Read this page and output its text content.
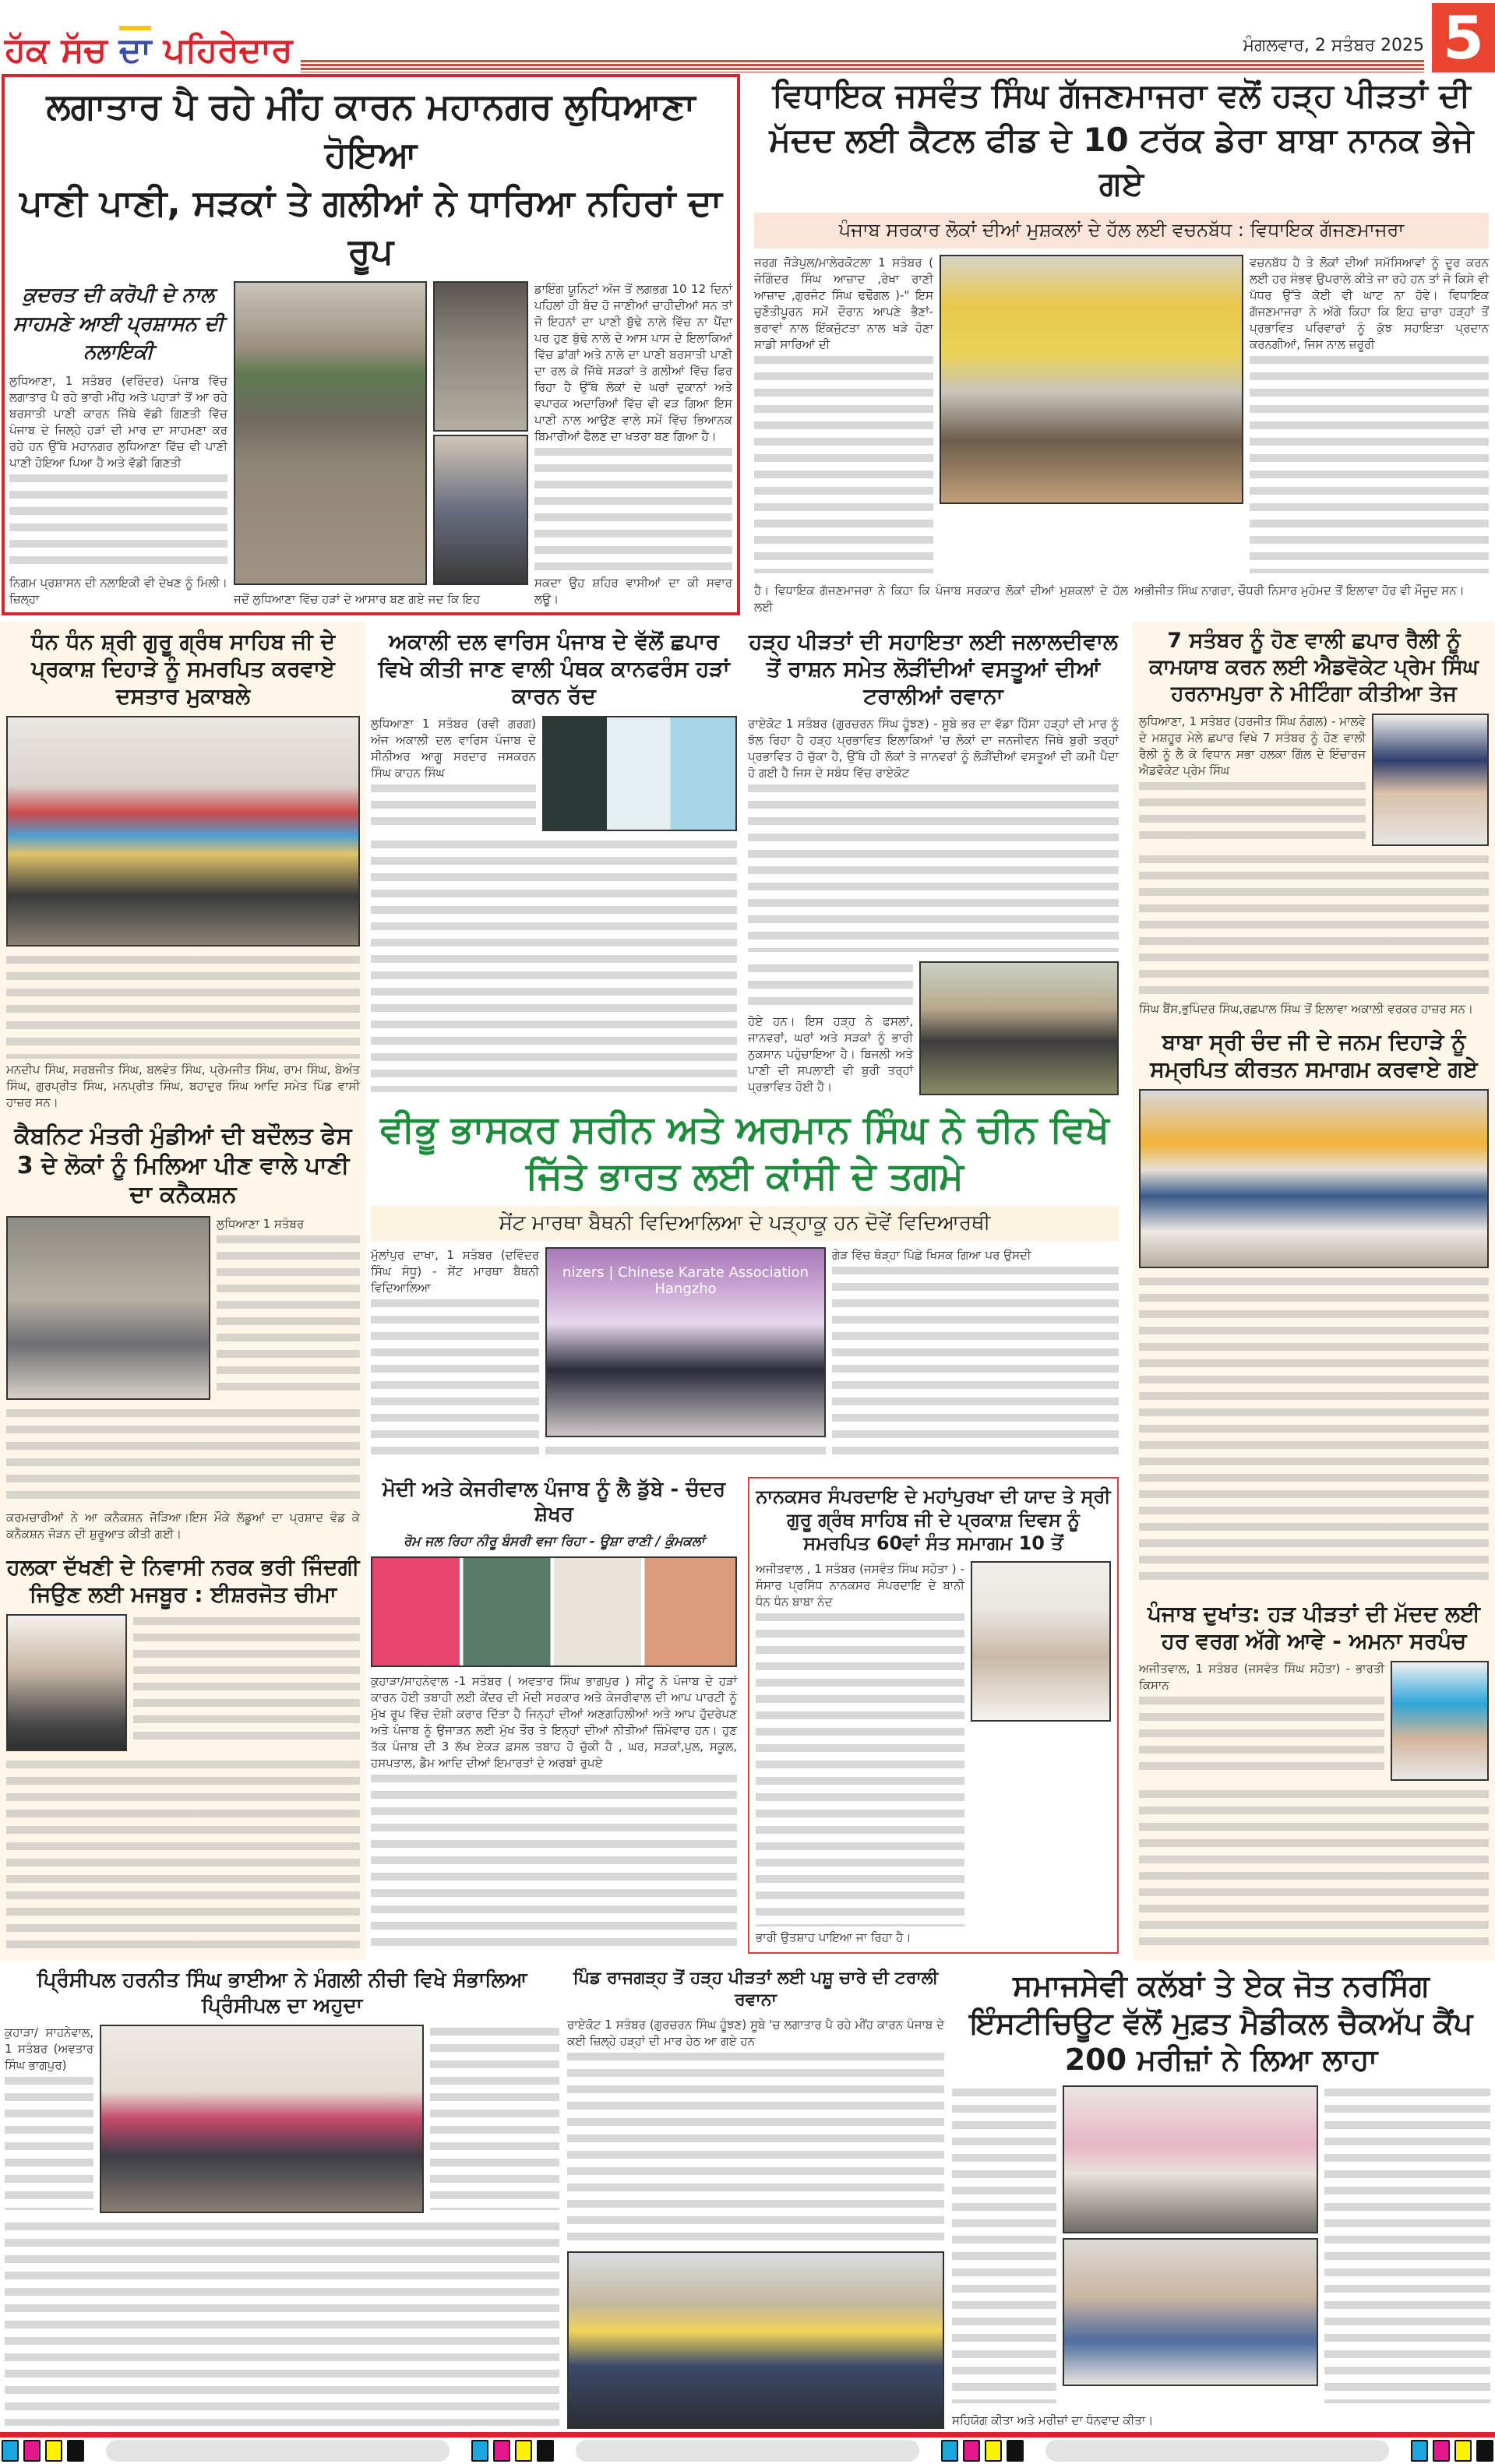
ਹੱਕ ਸੱਚ ਦਾ ਪਹਿਰੇਦਾਰ	ਮੰਗਲਵਾਰ, 2 ਸਤੰਬਰ 2025 5
ਲਗਾਤਾਰ ਪੈ ਰਹੇ ਮੀਂਹ ਕਾਰਨ ਮਹਾਨਗਰ ਲੁਧਿਆਣਾ ਹੋਇਆ
ਪਾਣੀ ਪਾਣੀ, ਸੜਕਾਂ ਤੇ ਗਲੀਆਂ ਨੇ ਧਾਰਿਆ ਨਹਿਰਾਂ ਦਾ ਰੂਪ
ਕੁਦਰਤ ਦੀ ਕਰੋਪੀ ਦੇ ਨਾਲ ਸਾਹਮਣੇ ਆਈ ਪ੍ਰਸ਼ਾਸਨ ਦੀ ਨਲਾਇਕੀ

ਲੁਧਿਆਣਾ, 1 ਸਤੰਬਰ (ਵਰਿੰਦਰ) ਪੰਜਾਬ ਵਿੱਚ ਲਗਾਤਾਰ ਪੈ ਰਹੇ ਭਾਰੀ ਮੀਂਹ ਅਤੇ ਪਹਾੜਾਂ ਤੋਂ ਆ ਰਹੇ ਬਰਸਾਤੀ ਪਾਣੀ ਕਾਰਨ ਜਿੱਥੇ ਵੱਡੀ ਗਿਣਤੀ ਵਿੱਚ ਪੰਜਾਬ ਦੇ ਜਿਲ੍ਹੇ ਹੜਾਂ ਦੀ ਮਾਰ ਦਾ ਸਾਹਮਣਾ ਕਰ ਰਹੇ ਹਨ ਉੱਥੇ ਮਹਾਨਗਰ ਲੁਧਿਆਣਾ ਵਿੱਚ ਵੀ ਪਾਣੀ ਪਾਣੀ ਹੋਇਆ ਪਿਆ ਹੈ ਅਤੇ ਵੱਡੀ ਗਿਣਤੀ

ਨਿਗਮ ਪ੍ਰਸ਼ਾਸਨ ਦੀ ਨਲਾਇਕੀ ਵੀ ਦੇਖਣ ਨੂੰ ਮਿਲੀ। ਜ਼ਿਲ੍ਹਾ	ਜਦੋਂ ਲੁਧਿਆਣਾ ਵਿੱਚ ਹੜਾਂ ਦੇ ਆਸਾਰ ਬਣ ਗਏ ਜਦ ਕਿ ਇਹ

ਡਾਇੰਗ ਯੂਨਿਟਾਂ ਅੱਜ ਤੋਂ ਲਗਭਗ 10 12 ਦਿਨਾਂ ਪਹਿਲਾਂ ਹੀ ਬੰਦ ਹੋ ਜਾਣੀਆਂ ਚਾਹੀਦੀਆਂ ਸਨ ਤਾਂ ਜੋ ਇਹਨਾਂ ਦਾ ਪਾਣੀ ਬੁੱਢੇ ਨਾਲੇ ਵਿੱਚ ਨਾ ਪੈਂਦਾ ਪਰ ਹੁਣ ਬੁੱਢੇ ਨਾਲੇ ਦੇ ਆਸ ਪਾਸ ਦੇ ਇਲਾਕਿਆਂ ਵਿੱਚ ਡਾਂਗਾਂ ਅਤੇ ਨਾਲੇ ਦਾ ਪਾਣੀ ਬਰਸਾਤੀ ਪਾਣੀ ਦਾ ਰਲ ਕੇ ਜਿੱਥੇ ਸੜਕਾਂ ਤੇ ਗਲੀਆਂ ਵਿੱਚ ਫਿਰ ਰਿਹਾ ਹੈ ਉੱਥੇ ਲੋਕਾਂ ਦੇ ਘਰਾਂ ਦੁਕਾਨਾਂ ਅਤੇ ਵਪਾਰਕ ਅਦਾਰਿਆਂ ਵਿੱਚ ਵੀ ਵੜ ਗਿਆ ਇਸ ਪਾਣੀ ਨਾਲ ਆਉਣ ਵਾਲੇ ਸਮੇਂ ਵਿੱਚ ਭਿਆਨਕ ਬਿਮਾਰੀਆਂ ਫੈਲਣ ਦਾ ਖਤਰਾ ਬਣ ਗਿਆ ਹੈ।

ਸਕਦਾ ਉਹ ਸ਼ਹਿਰ ਵਾਸੀਆਂ ਦਾ ਕੀ ਸਵਾਰ ਲਊ।

ਵਿਧਾਇਕ ਜਸਵੰਤ ਸਿੰਘ ਗੱਜਣਮਾਜਰਾ ਵਲੋਂ ਹੜ੍ਹ ਪੀੜਤਾਂ ਦੀ
ਮੱਦਦ ਲਈ ਕੈਟਲ ਫੀਡ ਦੇ 10 ਟਰੱਕ ਡੇਰਾ ਬਾਬਾ ਨਾਨਕ ਭੇਜੇ ਗਏ
ਪੰਜਾਬ ਸਰਕਾਰ ਲੋਕਾਂ ਦੀਆਂ ਮੁਸ਼ਕਲਾਂ ਦੇ ਹੱਲ ਲਈ ਵਚਨਬੱਧ : ਵਿਧਾਇਕ ਗੱਜਣਮਾਜਰਾ

ਜਰਗ ਜੋੜੇਪੁਲ/ਮਾਲੇਰਕੋਟਲਾ 1 ਸਤੰਬਰ ( ਜੋਗਿੰਦਰ ਸਿੰਘ ਆਜ਼ਾਦ ,ਰੇਖਾ ਰਾਣੀ ਆਜ਼ਾਦ ,ਗੁਰਜੰਟ ਸਿੰਘ ਢਢੌਗਲ )-" ਇਸ ਚੁਣੌਤੀਪੂਰਨ ਸਮੇਂ ਦੌਰਾਨ ਆਪਣੇ ਭੈਣਾਂ-ਭਰਾਵਾਂ ਨਾਲ ਇੱਕਜੁੱਟਤਾ ਨਾਲ ਖੜੇ ਹੋਣਾ ਸਾਡੀ ਸਾਰਿਆਂ ਦੀ

ਵਚਨਬੱਧ ਹੈ ਤੇ ਲੋਕਾਂ ਦੀਆਂ ਸਮੱਸਿਆਵਾਂ ਨੂੰ ਦੂਰ ਕਰਨ ਲਈ ਹਰ ਸੰਭਵ ਉਪਰਾਲੇ ਕੀਤੇ ਜਾ ਰਹੇ ਹਨ ਤਾਂ ਜੋ ਕਿਸੇ ਵੀ ਪੱਧਰ ਉੱਤੇ ਕੋਈ ਵੀ ਘਾਟ ਨਾ ਹੋਵੇ। ਵਿਧਾਇਕ ਗੱਜਣਮਾਜਰਾ ਨੇ ਅੱਗੇ ਕਿਹਾ ਕਿ ਇਹ ਚਾਰਾ ਹੜ੍ਹਾਂ ਤੋਂ ਪ੍ਰਭਾਵਿਤ ਪਰਿਵਾਰਾਂ ਨੂੰ ਕੁੱਝ ਸਹਾਇਤਾ ਪ੍ਰਦਾਨ ਕਰਨਗੀਆਂ, ਜਿਸ ਨਾਲ ਜ਼ਰੂਰੀ

ਹੈ। ਵਿਧਾਇਕ ਗੱਜਣਮਾਜਰਾ ਨੇ ਕਿਹਾ ਕਿ ਪੰਜਾਬ ਸਰਕਾਰ ਲੋਕਾਂ ਦੀਆਂ ਮੁਸ਼ਕਲਾਂ ਦੇ ਹੱਲ ਲਈ

ਅਭੀਜੀਤ ਸਿੰਘ ਨਾਗਰਾ, ਚੌਧਰੀ ਨਿਸਾਰ ਮੁਹੰਮਦ ਤੋਂ ਇਲਾਵਾ ਹੋਰ ਵੀ ਮੌਜੂਦ ਸਨ।

ਧੰਨ ਧੰਨ ਸ਼੍ਰੀ ਗੁਰੂ ਗ੍ਰੰਥ ਸਾਹਿਬ ਜੀ ਦੇ ਪ੍ਰਕਾਸ਼ ਦਿਹਾੜੇ ਨੂੰ ਸਮਰਪਿਤ ਕਰਵਾਏ ਦਸਤਾਰ ਮੁਕਾਬਲੇ

ਮਨਦੀਪ ਸਿੰਘ, ਸਰਬਜੀਤ ਸਿੰਘ, ਬਲਵੰਤ ਸਿੰਘ, ਪ੍ਰੇਮਜੀਤ ਸਿੰਘ, ਰਾਮ ਸਿੰਘ, ਬੇਅੰਤ ਸਿੰਘ, ਗੁਰਪ੍ਰੀਤ ਸਿੰਘ, ਮਨਪ੍ਰੀਤ ਸਿੰਘ, ਬਹਾਦੁਰ ਸਿੰਘ ਆਦਿ ਸਮੇਤ ਪਿੰਡ ਵਾਸੀ ਹਾਜ਼ਰ ਸਨ।

ਕੈਬਨਿਟ ਮੰਤਰੀ ਮੁੰਡੀਆਂ ਦੀ ਬਦੌਲਤ ਫੇਸ 3 ਦੇ ਲੋਕਾਂ ਨੂੰ ਮਿਲਿਆ ਪੀਣ ਵਾਲੇ ਪਾਣੀ ਦਾ ਕਨੈਕਸ਼ਨ

ਲੁਧਿਆਣਾ 1 ਸਤੰਬਰ

ਕਰਮਚਾਰੀਆਂ ਨੇ ਆ ਕਨੈਕਸ਼ਨ ਜੋੜਿਆ।ਇਸ ਮੌਕੇ ਲੱਡੂਆਂ ਦਾ ਪ੍ਰਸ਼ਾਦ ਵੰਡ ਕੇ ਕਨੈਕਸ਼ਨ ਜੋੜਨ ਦੀ ਸ਼ੁਰੂਆਤ ਕੀਤੀ ਗਈ।

ਹਲਕਾ ਦੱਖਣੀ ਦੇ ਨਿਵਾਸੀ ਨਰਕ ਭਰੀ ਜਿੰਦਗੀ ਜਿਉਣ ਲਈ ਮਜਬੂਰ : ਈਸ਼ਰਜੋਤ ਚੀਮਾ
ਅਕਾਲੀ ਦਲ ਵਾਰਿਸ ਪੰਜਾਬ ਦੇ ਵੱਲੋਂ ਛਪਾਰ ਵਿਖੇ ਕੀਤੀ ਜਾਣ ਵਾਲੀ ਪੰਥਕ ਕਾਨਫਰੰਸ ਹੜਾਂ ਕਾਰਨ ਰੱਦ

ਲੁਧਿਆਣਾ 1 ਸਤੰਬਰ (ਰਵੀ ਗਰਗ) ਅੱਜ ਅਕਾਲੀ ਦਲ ਵਾਰਿਸ ਪੰਜਾਬ ਦੇ ਸੀਨੀਅਰ ਆਗੂ ਸਰਦਾਰ ਜਸਕਰਨ ਸਿੰਘ ਕਾਹਨ ਸਿੰਘ

ਹੜ੍ਹ ਪੀੜਤਾਂ ਦੀ ਸਹਾਇਤਾ ਲਈ ਜਲਾਲਦੀਵਾਲ ਤੋਂ ਰਾਸ਼ਨ ਸਮੇਤ ਲੋੜੀਂਦੀਆਂ ਵਸਤੂਆਂ ਦੀਆਂ ਟਰਾਲੀਆਂ ਰਵਾਨਾ

ਰਾਏਕੋਟ 1 ਸਤੰਬਰ (ਗੁਰਚਰਨ ਸਿੰਘ ਹੂੰਝਣ) - ਸੂਬੇ ਭਰ ਦਾ ਵੱਡਾ ਹਿੱਸਾ ਹੜ੍ਹਾਂ ਦੀ ਮਾਰ ਨੂੰ ਝੱਲ ਰਿਹਾ ਹੈ ਹੜ੍ਹ ਪ੍ਰਭਾਵਿਤ ਇਲਾਕਿਆਂ 'ਚ ਲੋਕਾਂ ਦਾ ਜਨਜੀਵਨ ਜਿੱਥੇ ਬੁਰੀ ਤਰ੍ਹਾਂ ਪ੍ਰਭਾਵਿਤ ਹੋ ਚੁੱਕਾ ਹੈ, ਉੱਥੇ ਹੀ ਲੋਕਾਂ ਤੇ ਜਾਨਵਰਾਂ ਨੂੰ ਲੋੜੀਂਦੀਆਂ ਵਸਤੂਆਂ ਦੀ ਕਮੀ ਪੈਦਾ ਹੋ ਗਈ ਹੈ ਜਿਸ ਦੇ ਸਬੰਧ ਵਿੱਚ ਰਾਏਕੋਟ

ਹੋਏ ਹਨ। ਇਸ ਹੜ੍ਹ ਨੇ ਫਸਲਾਂ, ਜਾਨਵਰਾਂ, ਘਰਾਂ ਅਤੇ ਸੜਕਾਂ ਨੂੰ ਭਾਰੀ ਨੁਕਸਾਨ ਪਹੁੰਚਾਇਆ ਹੈ। ਬਿਜਲੀ ਅਤੇ ਪਾਣੀ ਦੀ ਸਪਲਾਈ ਵੀ ਬੁਰੀ ਤਰ੍ਹਾਂ ਪ੍ਰਭਾਵਿਤ ਹੋਈ ਹੈ।

ਵੀਭੂ ਭਾਸਕਰ ਸਰੀਨ ਅਤੇ ਅਰਮਾਨ ਸਿੰਘ ਨੇ ਚੀਨ ਵਿਖੇ ਜਿੱਤੇ ਭਾਰਤ ਲਈ ਕਾਂਸੀ ਦੇ ਤਗਮੇ
ਸੇਂਟ ਮਾਰਥਾ ਬੈਥਨੀ ਵਿਦਿਆਲਿਆ ਦੇ ਪੜ੍ਹਾਕੂ ਹਨ ਦੋਵੇਂ ਵਿਦਿਆਰਥੀ

ਮੁੱਲਾਂਪੁਰ ਦਾਖਾ, 1 ਸਤੰਬਰ (ਦਵਿੰਦਰ ਸਿੰਘ ਸੰਧੂ) - ਸੇਂਟ ਮਾਰਥਾ ਬੈਥਨੀ ਵਿਦਿਆਲਿਆ

nizers | Chinese Karate Association Hangzho

ਗੇੜ ਵਿੱਚ ਥੋੜ੍ਹਾ ਪਿੱਛੇ ਖਿਸਕ ਗਿਆ ਪਰ ਉਸਦੀ

ਮੋਦੀ ਅਤੇ ਕੇਜਰੀਵਾਲ ਪੰਜਾਬ ਨੂੰ ਲੈ ਡੁੱਬੇ - ਚੰਦਰ ਸ਼ੇਖਰ
ਰੋਮ ਜਲ ਰਿਹਾ ਨੀਰੂ ਬੰਸਰੀ ਵਜਾ ਰਿਹਾ - ਊਸ਼ਾ ਰਾਣੀ / ਕੁੰਮਕਲਾਂ

ਕੁਹਾੜਾ/ਸਾਹਨੇਵਾਲ -1 ਸਤੰਬਰ ( ਅਵਤਾਰ ਸਿੰਘ ਭਾਗਪੁਰ ) ਸੀਟੂ ਨੇ ਪੰਜਾਬ ਦੇ ਹੜਾਂ ਕਾਰਨ ਹੋਈ ਤਬਾਹੀ ਲਈ ਕੇਂਦਰ ਦੀ ਮੋਦੀ ਸਰਕਾਰ ਅਤੇ ਕੇਜਰੀਵਾਲ ਦੀ ਆਪ ਪਾਰਟੀ ਨੂੰ ਮੁੱਖ ਰੂਪ ਵਿੱਚ ਦੋਸ਼ੀ ਕਰਾਰ ਦਿੱਤਾ ਹੈ ਜਿਨ੍ਹਾਂ ਦੀਆਂ ਅਣਗਹਿਲੀਆਂ ਅਤੇ ਆਪ ਹੁੱਦਰੇਪਣ ਅਤੇ ਪੰਜਾਬ ਨੂੰ ਉਜਾੜਨ ਲਈ ਮੁੱਖ ਤੌਰ ਤੇ ਇਨ੍ਹਾਂ ਦੀਆਂ ਨੀਤੀਆਂ ਜ਼ਿੰਮੇਵਾਰ ਹਨ। ਹੁਣ ਤੱਕ ਪੰਜਾਬ ਦੀ 3 ਲੱਖ ਏਕੜ ਫ਼ਸਲ ਤਬਾਹ ਹੋ ਚੁੱਕੀ ਹੈ , ਘਰ, ਸੜਕਾਂ,ਪੁਲ, ਸਕੂਲ, ਹਸਪਤਾਲ, ਡੈਮ ਆਦਿ ਦੀਆਂ ਇਮਾਰਤਾਂ ਦੇ ਅਰਬਾਂ ਰੁਪਏ

ਨਾਨਕਸਰ ਸੰਪਰਦਾਇ ਦੇ ਮਹਾਂਪੁਰਖਾ ਦੀ ਯਾਦ ਤੇ ਸ੍ਰੀ ਗੁਰੂ ਗ੍ਰੰਥ ਸਾਹਿਬ ਜੀ ਦੇ ਪ੍ਰਕਾਸ਼ ਦਿਵਸ ਨੂੰ ਸਮਰਪਿਤ 60ਵਾਂ ਸੰਤ ਸਮਾਗਮ 10 ਤੋਂ

ਅਜੀਤਵਾਲ , 1 ਸਤੰਬਰ (ਜਸਵੰਤ ਸਿੰਘ ਸਹੋਤਾ ) - ਸੰਸਾਰ ਪ੍ਰਸਿੱਧ ਨਾਨਕਸਰ ਸੰਪਰਦਾਇ ਦੇ ਬਾਨੀ ਧੰਨ ਧੰਨ ਬਾਬਾ ਨੰਦ

ਭਾਰੀ ਉਤਸ਼ਾਹ ਪਾਇਆ ਜਾ ਰਿਹਾ ਹੈ।

7 ਸਤੰਬਰ ਨੂੰ ਹੋਣ ਵਾਲੀ ਛਪਾਰ ਰੈਲੀ ਨੂੰ ਕਾਮਯਾਬ ਕਰਨ ਲਈ ਐਡਵੋਕੇਟ ਪ੍ਰੇਮ ਸਿੰਘ ਹਰਨਾਮਪੁਰਾ ਨੇ ਮੀਟਿੰਗਾ ਕੀਤੀਆ ਤੇਜ

ਲੁਧਿਆਣਾ, 1 ਸਤੰਬਰ (ਹਰਜੀਤ ਸਿੰਘ ਨੰਗਲ) - ਮਾਲਵੇ ਦੇ ਮਸ਼ਹੂਰ ਮੇਲੇ ਛਪਾਰ ਵਿਖੇ 7 ਸਤੰਬਰ ਨੂੰ ਹੋਣ ਵਾਲੀ ਰੈਲੀ ਨੂੰ ਲੈ ਕੇ ਵਿਧਾਨ ਸਭਾ ਹਲਕਾ ਗਿੱਲ ਦੇ ਇੰਚਾਰਜ ਐਡਵੋਕੇਟ ਪ੍ਰੇਮ ਸਿੰਘ

ਸਿੰਘ ਬੈਂਸ,ਭੁਪਿੰਦਰ ਸਿੰਘ,ਰਛਪਾਲ ਸਿੰਘ ਤੋਂ ਇਲਾਵਾ ਅਕਾਲੀ ਵਰਕਰ ਹਾਜ਼ਰ ਸਨ।

ਬਾਬਾ ਸ੍ਰੀ ਚੰਦ ਜੀ ਦੇ ਜਨਮ ਦਿਹਾੜੇ ਨੂੰ ਸਮ੍ਰਪਿਤ ਕੀਰਤਨ ਸਮਾਗਮ ਕਰਵਾਏ ਗਏ
ਪੰਜਾਬ ਦੁਖਾਂਤ: ਹੜ ਪੀੜਤਾਂ ਦੀ ਮੱਦਦ ਲਈ ਹਰ ਵਰਗ ਅੱਗੇ ਆਵੇ - ਅਮਨਾ ਸਰਪੰਚ

ਅਜੀਤਵਾਲ, 1 ਸਤੰਬਰ (ਜਸਵੰਤ ਸਿੰਘ ਸਹੋਤਾ) - ਭਾਰਤੀ ਕਿਸਾਨ

ਪ੍ਰਿੰਸੀਪਲ ਹਰਨੀਤ ਸਿੰਘ ਭਾਈਆ ਨੇ ਮੰਗਲੀ ਨੀਚੀ ਵਿਖੇ ਸੰਭਾਲਿਆ ਪ੍ਰਿੰਸੀਪਲ ਦਾ ਅਹੁਦਾ

ਕੁਹਾੜਾ/ ਸਾਹਨੇਵਾਲ, 1 ਸਤੰਬਰ (ਅਵਤਾਰ ਸਿੰਘ ਭਾਗਪੁਰ)

ਪਿੰਡ ਰਾਜਗੜ੍ਹ ਤੋਂ ਹੜ੍ਹ ਪੀੜਤਾਂ ਲਈ ਪਸ਼ੂ ਚਾਰੇ ਦੀ ਟਰਾਲੀ ਰਵਾਨਾ

ਰਾਏਕੋਟ 1 ਸਤੰਬਰ (ਗੁਰਚਰਨ ਸਿੰਘ ਹੂੰਝਣ) ਸੂਬੇ 'ਚ ਲਗਾਤਾਰ ਪੈ ਰਹੇ ਮੀਂਹ ਕਾਰਨ ਪੰਜਾਬ ਦੇ ਕਈ ਜ਼ਿਲ੍ਹੇ ਹੜ੍ਹਾਂ ਦੀ ਮਾਰ ਹੇਠ ਆ ਗਏ ਹਨ

ਸਮਾਜਸੇਵੀ ਕਲੱਬਾਂ ਤੇ ਏਕ ਜੋਤ ਨਰਸਿੰਗ ਇੰਸਟੀਚਿਊਟ ਵੱਲੋਂ ਮੁਫ਼ਤ ਮੈਡੀਕਲ ਚੈਕਅੱਪ ਕੈਂਪ 200 ਮਰੀਜ਼ਾਂ ਨੇ ਲਿਆ ਲਾਹਾ

ਸਹਿਯੋਗ ਕੀਤਾ ਅਤੇ ਮਰੀਜ਼ਾਂ ਦਾ ਧੰਨਵਾਦ ਕੀਤਾ।
